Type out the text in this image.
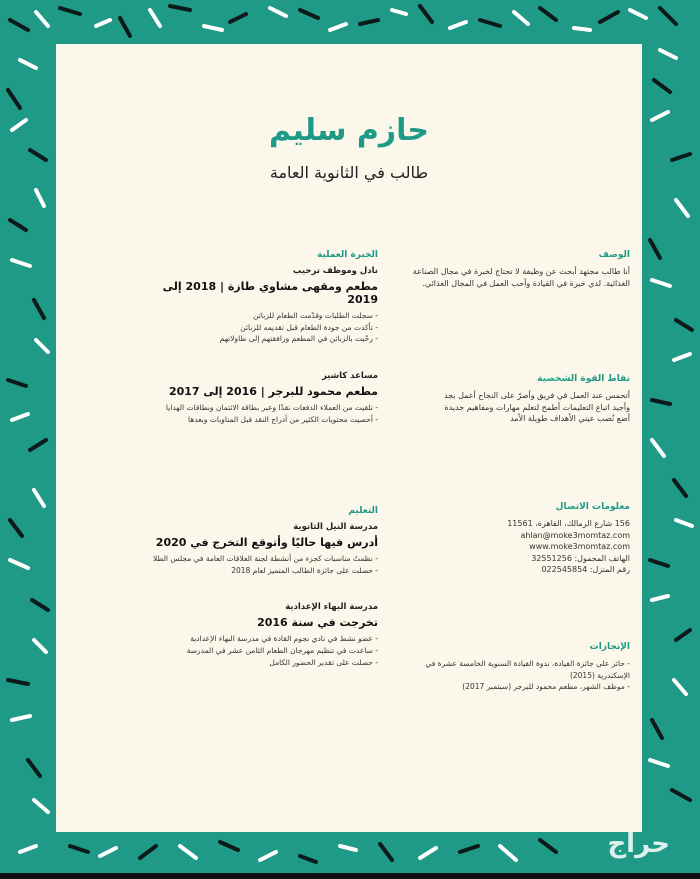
حازم سليم
طالب في الثانوية العامة
الوصف
أنا طالب مجتهد أبحث عن وظيفة لا تحتاج لخبرة في مجال الصناعة الغذائية. لدي خبرة في القيادة وأحب العمل في المجال الغذائي.
نقاط القوة الشخصية
أتحمس عند العمل في فريق وأصرّ على النجاح أعمل بجد
وأجيد اتباع التعليمات أطمح لتعلم مهارات ومفاهيم جديدة
أضع نُصب عيني الأهداف طويلة الأمد
معلومات الاتصال
156 شارع الزمالك، القاهرة، 11561
ahlan@moke3momtaz.com
www.moke3momtaz.com
الهاتف المحمول: 32551256
رقم المنزل: 022545854
الإنجازات
- حائز على جائزة القيادة، ندوة القيادة السنوية الخامسة عشرة في الإسكندرية (2015)
- موظف الشهر، مطعم محمود للبرجر (سبتمبر 2017)
الخبرة العملية
نادل وموظف ترحيب
مطعم ومقهى مشاوي طازة | 2018 إلى 2019
- سجلت الطلبات وقدّمت الطعام للزبائن
- تأكدت من جودة الطعام قبل تقديمه للزبائن
- رحّبت بالزبائن في المطعم ورافقتهم إلى طاولاتهم
مساعد كاشير
مطعم محمود للبرجر | 2016 إلى 2017
- تلقيت من العملاء الدفعات نقدًا وعبر بطاقة الائتمان وبطاقات الهدايا
- أحصيت محتويات الكثير من أدراج النقد قبل المناوبات وبعدها
التعليم
مدرسة النيل الثانوية
أدرس فيها حاليًا وأتوقع التخرج في 2020
- نظمتُ مناسبات كجزء من أنشطة لجنة العلاقات العامة في مجلس الطلا
- حصلت على جائزة الطالب المتميز لعام 2018
مدرسة البهاء الإعدادية
تخرجت في سنة 2016
- عضو نشط في نادي نجوم القادة في مدرسة البهاء الإعدادية
- ساعدت في تنظيم مهرجان الطعام الثامن عشر في المدرسة
- حصلت على تقدير الحضور الكامل
حراج
